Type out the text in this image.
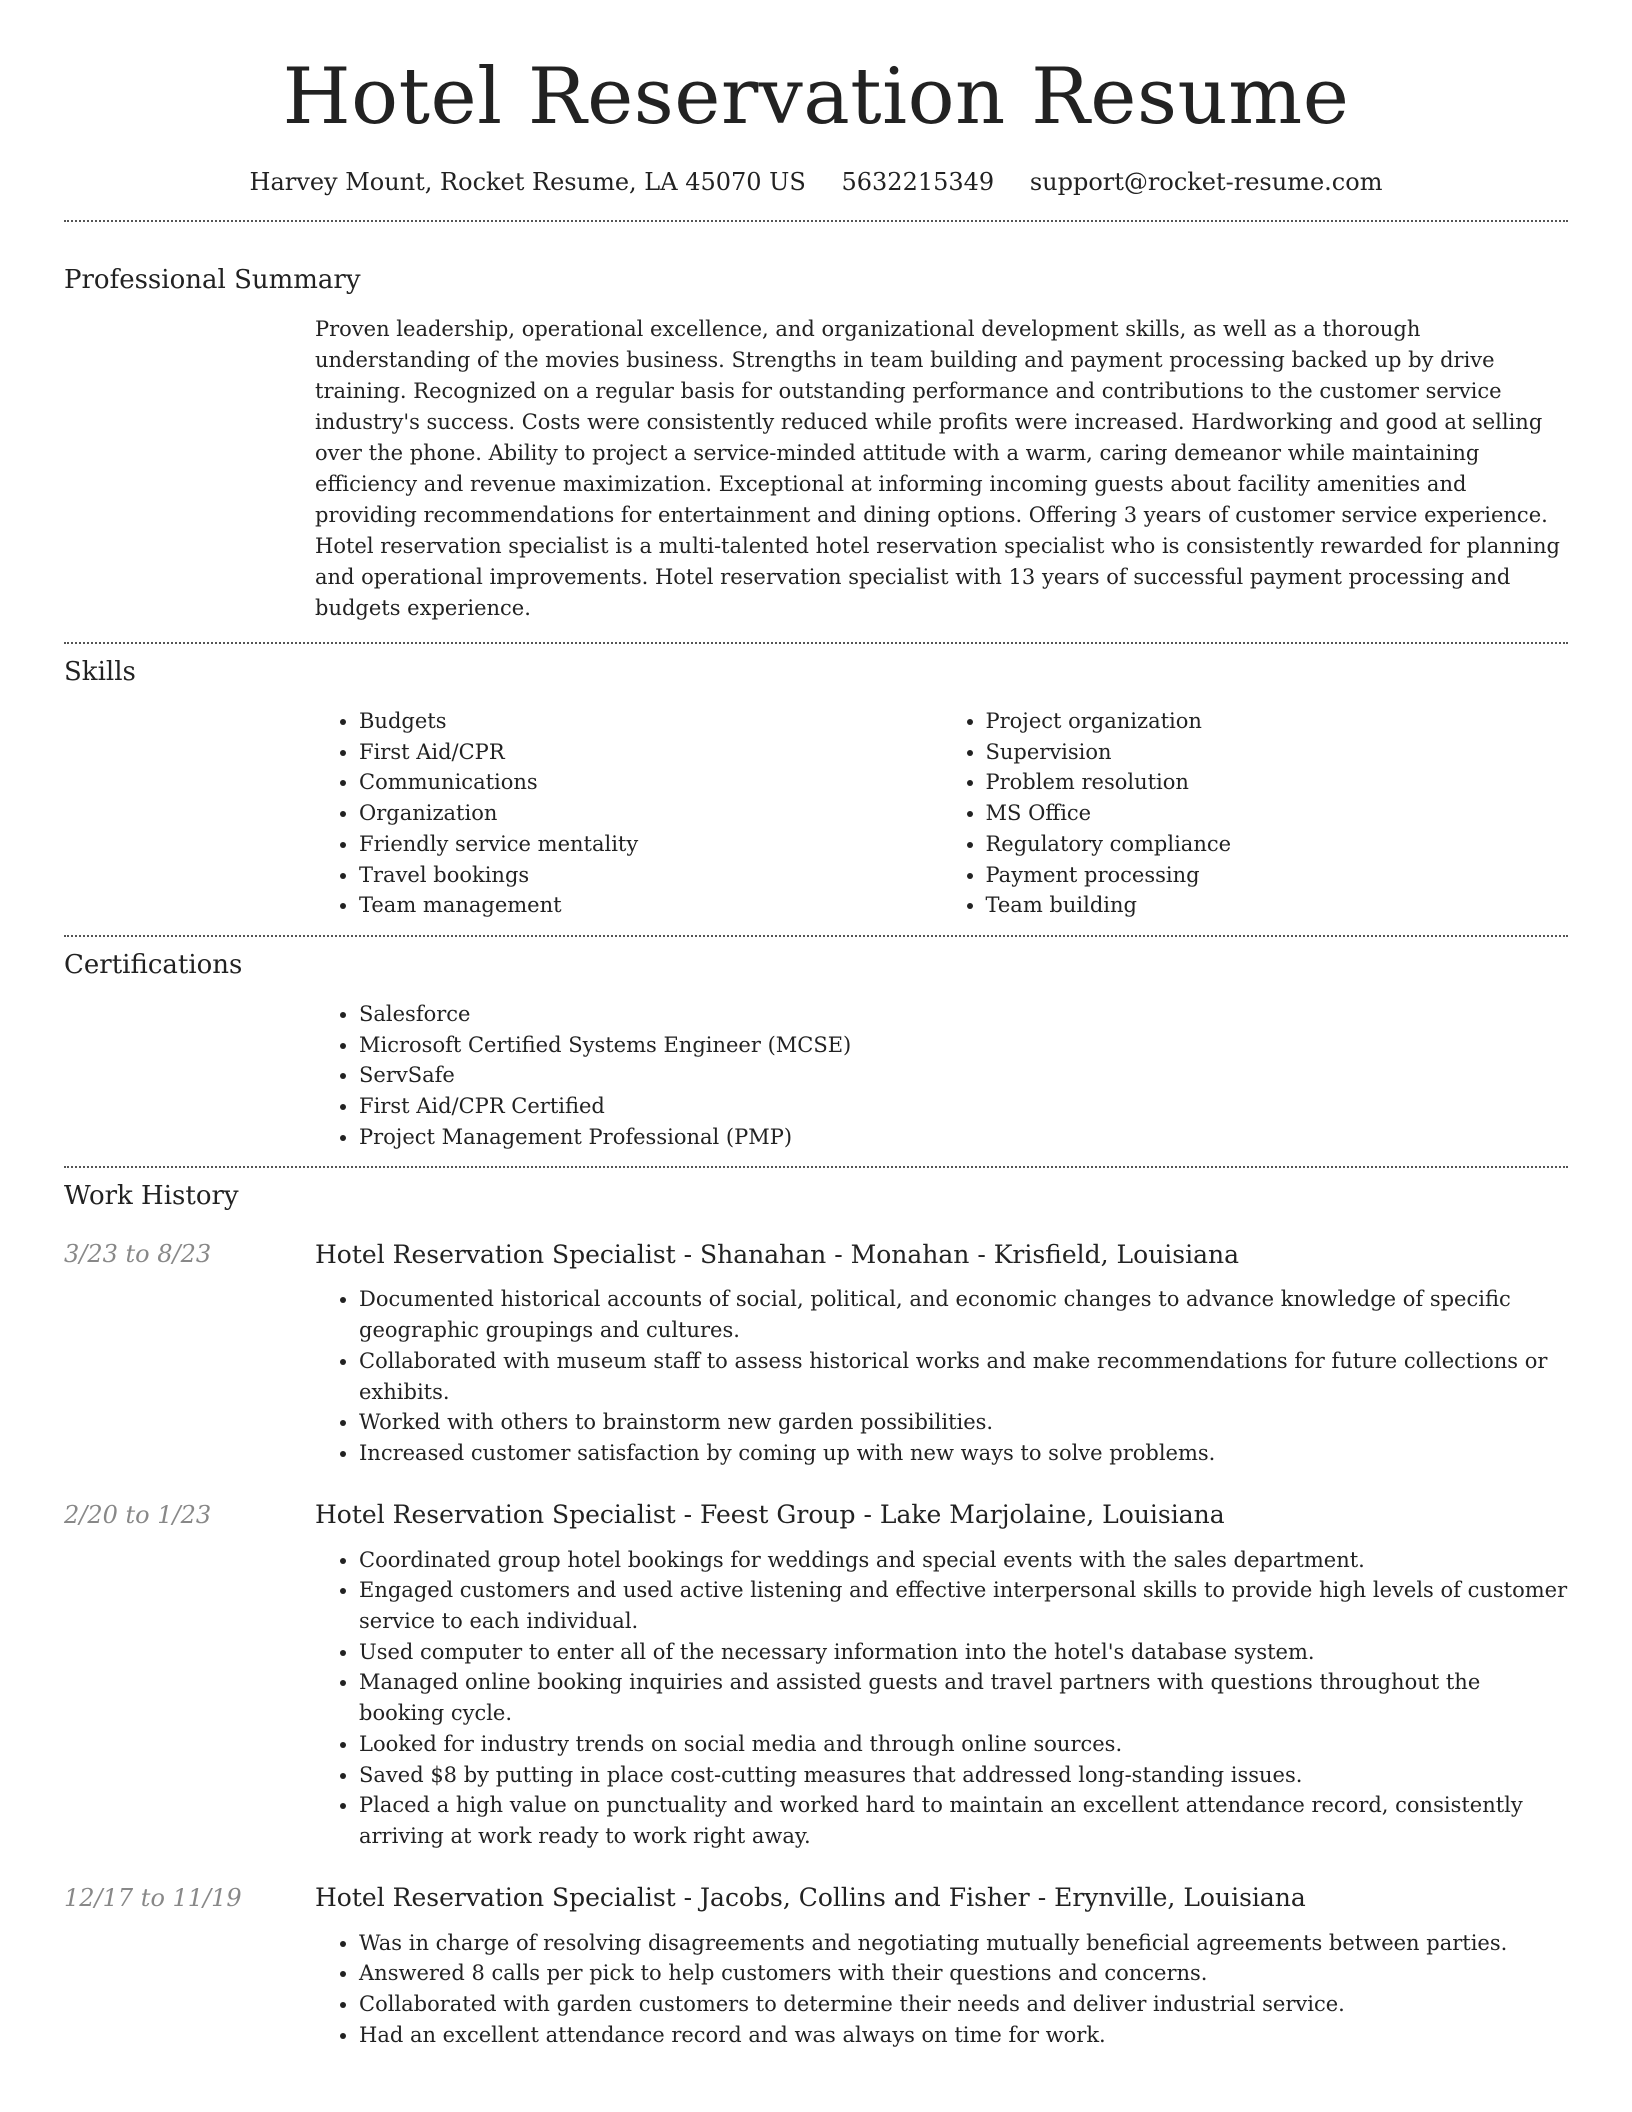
Hotel Reservation Resume
Harvey Mount, Rocket Resume, LA 45070 US 5632215349 support@rocket-resume.com
Professional Summary

Proven leadership, operational excellence, and organizational development skills, as well as a thorough understanding of the movies business. Strengths in team building and payment processing backed up by drive training. Recognized on a regular basis for outstanding performance and contributions to the customer service industry's success. Costs were consistently reduced while profits were increased. Hardworking and good at selling over the phone. Ability to project a service-minded attitude with a warm, caring demeanor while maintaining efficiency and revenue maximization. Exceptional at informing incoming guests about facility amenities and providing recommendations for entertainment and dining options. Offering 3 years of customer service experience. Hotel reservation specialist is a multi-talented hotel reservation specialist who is consistently rewarded for planning and operational improvements. Hotel reservation specialist with 13 years of successful payment processing and budgets experience.

Skills
• Budgets
• First Aid/CPR
• Communications
• Organization
• Friendly service mentality
• Travel bookings
• Team management
• Project organization
• Supervision
• Problem resolution
• MS Office
• Regulatory compliance
• Payment processing
• Team building
Certifications
• Salesforce
• Microsoft Certified Systems Engineer (MCSE)
• ServSafe
• First Aid/CPR Certified
• Project Management Professional (PMP)
Work History
3/23 to 8/23	Hotel Reservation Specialist - Shanahan - Monahan - Krisfield, Louisiana
• Documented historical accounts of social, political, and economic changes to advance knowledge of specific geographic groupings and cultures.
• Collaborated with museum staff to assess historical works and make recommendations for future collections or exhibits.
• Worked with others to brainstorm new garden possibilities.
• Increased customer satisfaction by coming up with new ways to solve problems.
2/20 to 1/23	Hotel Reservation Specialist - Feest Group - Lake Marjolaine, Louisiana
• Coordinated group hotel bookings for weddings and special events with the sales department.
• Engaged customers and used active listening and effective interpersonal skills to provide high levels of customer service to each individual.
• Used computer to enter all of the necessary information into the hotel's database system.
• Managed online booking inquiries and assisted guests and travel partners with questions throughout the booking cycle.
• Looked for industry trends on social media and through online sources.
• Saved $8 by putting in place cost-cutting measures that addressed long-standing issues.
• Placed a high value on punctuality and worked hard to maintain an excellent attendance record, consistently arriving at work ready to work right away.
12/17 to 11/19	Hotel Reservation Specialist - Jacobs, Collins and Fisher - Erynville, Louisiana
• Was in charge of resolving disagreements and negotiating mutually beneficial agreements between parties.
• Answered 8 calls per pick to help customers with their questions and concerns.
• Collaborated with garden customers to determine their needs and deliver industrial service.
• Had an excellent attendance record and was always on time for work.
